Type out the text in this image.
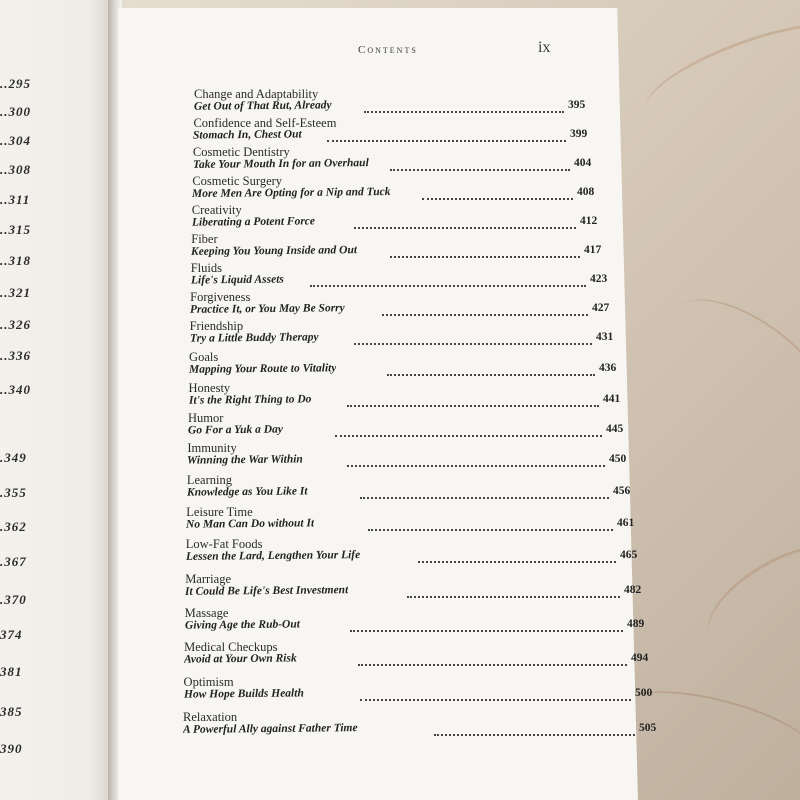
..295
..300
..304
..308
..311
..315
..318
..321
..326
..336
..340
.349
.355
.362
.367
.370
374
381
385
390
Contents	ix
Change and Adaptability
Get Out of That Rut, Already	395
Confidence and Self-Esteem
Stomach In, Chest Out	399
Cosmetic Dentistry
Take Your Mouth In for an Overhaul	404
Cosmetic Surgery
More Men Are Opting for a Nip and Tuck	408
Creativity
Liberating a Potent Force	412
Fiber
Keeping You Young Inside and Out	417
Fluids
Life's Liquid Assets	423
Forgiveness
Practice It, or You May Be Sorry	427
Friendship
Try a Little Buddy Therapy	431
Goals
Mapping Your Route to Vitality	436
Honesty
It's the Right Thing to Do	441
Humor
Go For a Yuk a Day	445
Immunity
Winning the War Within	450
Learning
Knowledge as You Like It	456
Leisure Time
No Man Can Do without It	461
Low-Fat Foods
Lessen the Lard, Lengthen Your Life	465
Marriage
It Could Be Life's Best Investment	482
Massage
Giving Age the Rub-Out	489
Medical Checkups
Avoid at Your Own Risk	494
Optimism
How Hope Builds Health	500
Relaxation
A Powerful Ally against Father Time	505
